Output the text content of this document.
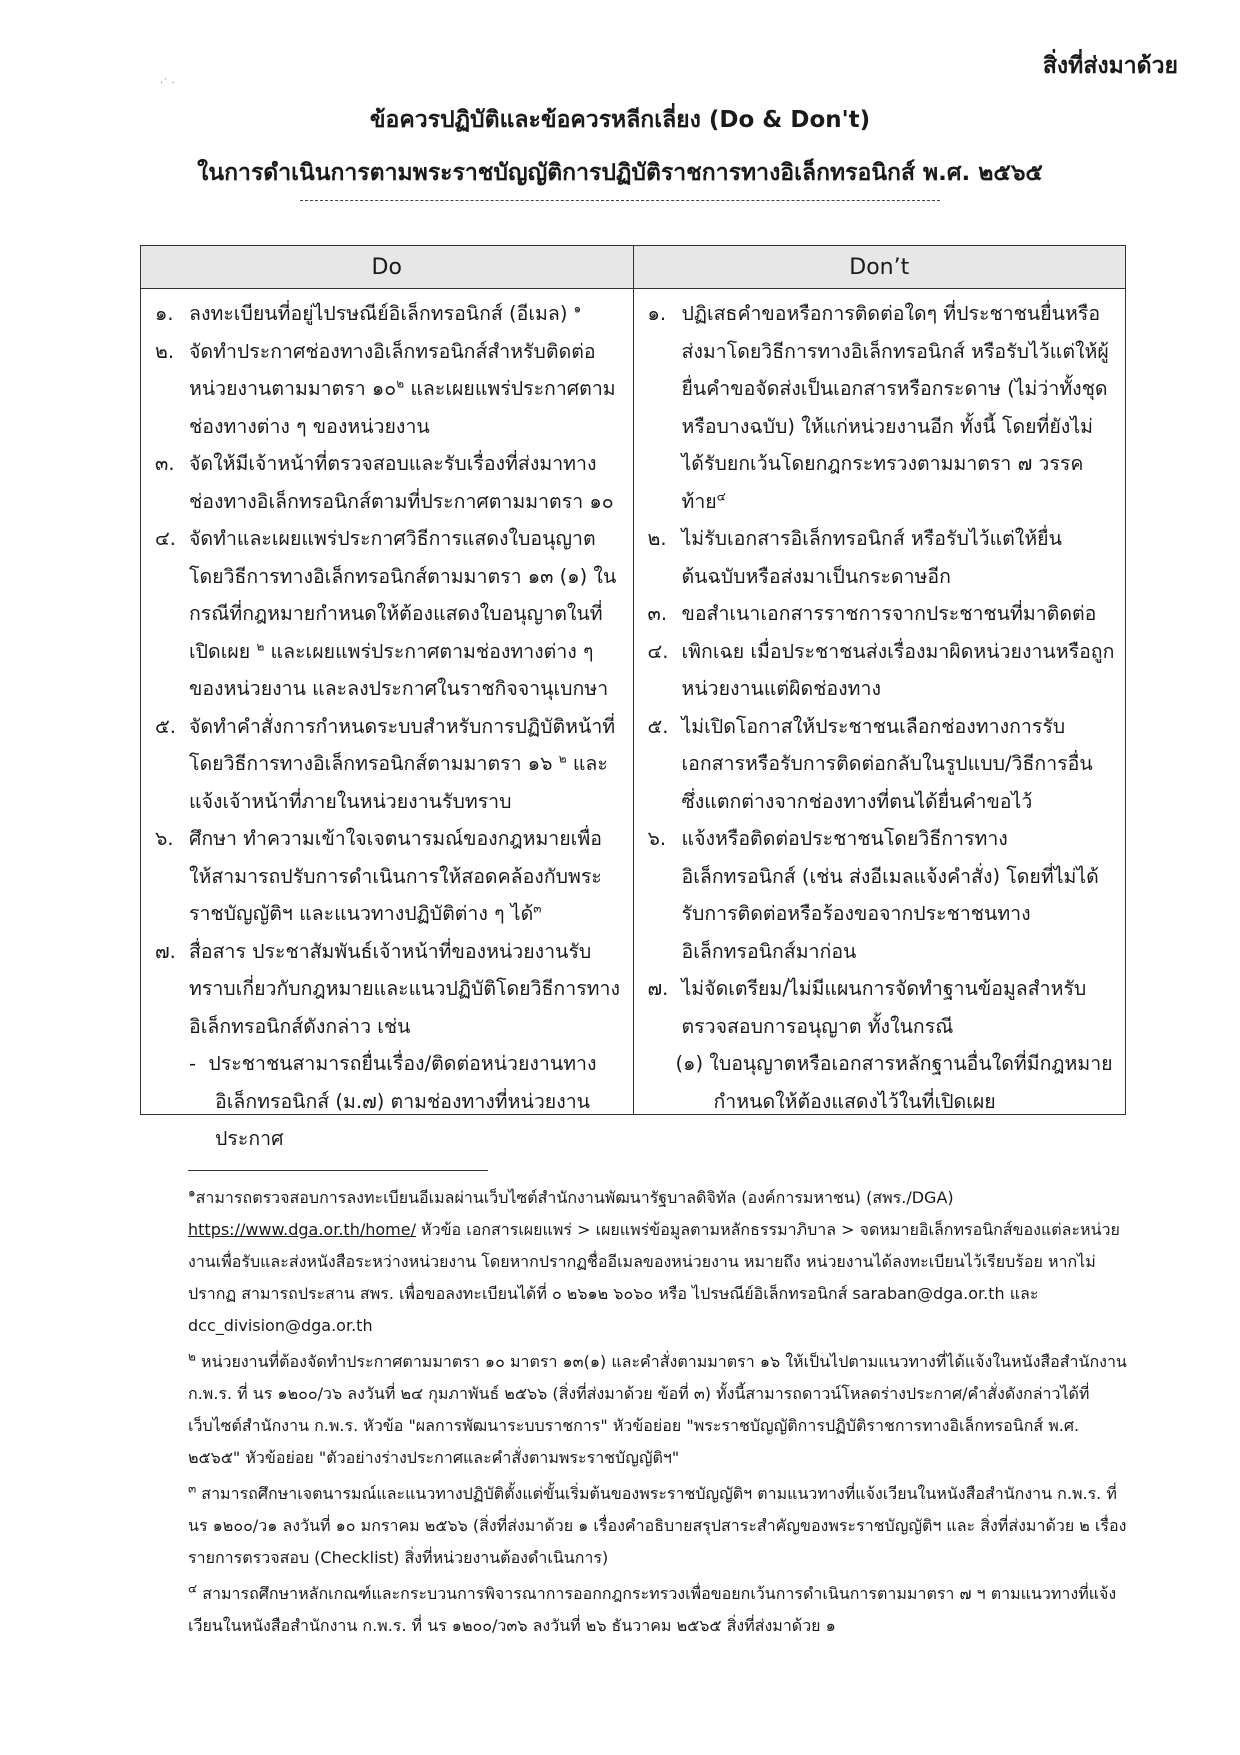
สิ่งที่ส่งมาด้วย
·˙ ·
ข้อควรปฏิบัติและข้อควรหลีกเลี่ยง (Do & Don't)
ในการดำเนินการตามพระราชบัญญัติการปฏิบัติราชการทางอิเล็กทรอนิกส์ พ.ศ. ๒๕๖๕
Do	Don’t
๑. ลงทะเบียนที่อยู่ไปรษณีย์อิเล็กทรอนิกส์ (อีเมล) $^๑$
๒. จัดทำประกาศช่องทางอิเล็กทรอนิกส์สำหรับติดต่อหน่วยงานตามมาตรา ๑๐$^๒$ และเผยแพร่ประกาศตามช่องทางต่าง ๆ ของหน่วยงาน
๓. จัดให้มีเจ้าหน้าที่ตรวจสอบและรับเรื่องที่ส่งมาทางช่องทางอิเล็กทรอนิกส์ตามที่ประกาศตามมาตรา ๑๐
๔. จัดทำและเผยแพร่ประกาศวิธีการแสดงใบอนุญาตโดยวิธีการทางอิเล็กทรอนิกส์ตามมาตรา ๑๓ (๑) ในกรณีที่กฎหมายกำหนดให้ต้องแสดงใบอนุญาตในที่เปิดเผย $^๒$ และเผยแพร่ประกาศตามช่องทางต่าง ๆ ของหน่วยงาน และลงประกาศในราชกิจจานุเบกษา
๕. จัดทำคำสั่งการกำหนดระบบสำหรับการปฏิบัติหน้าที่โดยวิธีการทางอิเล็กทรอนิกส์ตามมาตรา ๑๖ $^๒$ และแจ้งเจ้าหน้าที่ภายในหน่วยงานรับทราบ
๖. ศึกษา ทำความเข้าใจเจตนารมณ์ของกฎหมายเพื่อให้สามารถปรับการดำเนินการให้สอดคล้องกับพระราชบัญญัติฯ และแนวทางปฏิบัติต่าง ๆ ได้$^๓$
๗. สื่อสาร ประชาสัมพันธ์เจ้าหน้าที่ของหน่วยงานรับทราบเกี่ยวกับกฎหมายและแนวปฏิบัติโดยวิธีการทางอิเล็กทรอนิกส์ดังกล่าว เช่น
-  ประชาชนสามารถยื่นเรื่อง/ติดต่อหน่วยงานทางอิเล็กทรอนิกส์ (ม.๗) ตามช่องทางที่หน่วยงานประกาศ
๑. ปฏิเสธคำขอหรือการติดต่อใดๆ ที่ประชาชนยื่นหรือส่งมาโดยวิธีการทางอิเล็กทรอนิกส์ หรือรับไว้แต่ให้ผู้ยื่นคำขอจัดส่งเป็นเอกสารหรือกระดาษ (ไม่ว่าทั้งชุดหรือบางฉบับ) ให้แก่หน่วยงานอีก ทั้งนี้ โดยที่ยังไม่ได้รับยกเว้นโดยกฎกระทรวงตามมาตรา ๗ วรรคท้าย$^๔$
๒. ไม่รับเอกสารอิเล็กทรอนิกส์ หรือรับไว้แต่ให้ยื่นต้นฉบับหรือส่งมาเป็นกระดาษอีก
๓. ขอสำเนาเอกสารราชการจากประชาชนที่มาติดต่อ
๔. เพิกเฉย เมื่อประชาชนส่งเรื่องมาผิดหน่วยงานหรือถูกหน่วยงานแต่ผิดช่องทาง
๕. ไม่เปิดโอกาสให้ประชาชนเลือกช่องทางการรับเอกสารหรือรับการติดต่อกลับในรูปแบบ/วิธีการอื่นซึ่งแตกต่างจากช่องทางที่ตนได้ยื่นคำขอไว้
๖. แจ้งหรือติดต่อประชาชนโดยวิธีการทางอิเล็กทรอนิกส์ (เช่น ส่งอีเมลแจ้งคำสั่ง) โดยที่ไม่ได้รับการติดต่อหรือร้องขอจากประชาชนทางอิเล็กทรอนิกส์มาก่อน
๗. ไม่จัดเตรียม/ไม่มีแผนการจัดทำฐานข้อมูลสำหรับตรวจสอบการอนุญาต ทั้งในกรณี
(๑) ใบอนุญาตหรือเอกสารหลักฐานอื่นใดที่มีกฎหมายกำหนดให้ต้องแสดงไว้ในที่เปิดเผย
$^๑$สามารถตรวจสอบการลงทะเบียนอีเมลผ่านเว็บไซต์สำนักงานพัฒนารัฐบาลดิจิทัล (องค์การมหาชน) (สพร./DGA) https://www.dga.or.th/home/ หัวข้อ เอกสารเผยแพร่ > เผยแพร่ข้อมูลตามหลักธรรมาภิบาล > จดหมายอิเล็กทรอนิกส์ของแต่ละหน่วยงานเพื่อรับและส่งหนังสือระหว่างหน่วยงาน โดยหากปรากฏชื่ออีเมลของหน่วยงาน หมายถึง หน่วยงานได้ลงทะเบียนไว้เรียบร้อย หากไม่ปรากฏ สามารถประสาน สพร. เพื่อขอลงทะเบียนได้ที่ ๐ ๒๖๑๒ ๖๐๖๐ หรือ ไปรษณีย์อิเล็กทรอนิกส์ saraban@dga.or.th และ dcc_division@dga.or.th
$^๒$ หน่วยงานที่ต้องจัดทำประกาศตามมาตรา ๑๐ มาตรา ๑๓(๑) และคำสั่งตามมาตรา ๑๖ ให้เป็นไปตามแนวทางที่ได้แจ้งในหนังสือสำนักงาน ก.พ.ร. ที่ นร ๑๒๐๐/ว๖ ลงวันที่ ๒๔ กุมภาพันธ์ ๒๕๖๖ (สิ่งที่ส่งมาด้วย ข้อที่ ๓) ทั้งนี้สามารถดาวน์โหลดร่างประกาศ/คำสั่งดังกล่าวได้ที่เว็บไซต์สำนักงาน ก.พ.ร. หัวข้อ "ผลการพัฒนาระบบราชการ" หัวข้อย่อย "พระราชบัญญัติการปฏิบัติราชการทางอิเล็กทรอนิกส์ พ.ศ. ๒๕๖๕" หัวข้อย่อย "ตัวอย่างร่างประกาศและคำสั่งตามพระราชบัญญัติฯ"
$^๓$ สามารถศึกษาเจตนารมณ์และแนวทางปฏิบัติตั้งแต่ขั้นเริ่มต้นของพระราชบัญญัติฯ ตามแนวทางที่แจ้งเวียนในหนังสือสำนักงาน ก.พ.ร. ที่ นร ๑๒๐๐/ว๑ ลงวันที่ ๑๐ มกราคม ๒๕๖๖ (สิ่งที่ส่งมาด้วย ๑ เรื่องคำอธิบายสรุปสาระสำคัญของพระราชบัญญัติฯ และ สิ่งที่ส่งมาด้วย ๒ เรื่อง รายการตรวจสอบ (Checklist) สิ่งที่หน่วยงานต้องดำเนินการ)
$^๔$ สามารถศึกษาหลักเกณฑ์และกระบวนการพิจารณาการออกกฎกระทรวงเพื่อขอยกเว้นการดำเนินการตามมาตรา ๗ ฯ ตามแนวทางที่แจ้งเวียนในหนังสือสำนักงาน ก.พ.ร. ที่ นร ๑๒๐๐/ว๓๖ ลงวันที่ ๒๖ ธันวาคม ๒๕๖๕ สิ่งที่ส่งมาด้วย ๑
